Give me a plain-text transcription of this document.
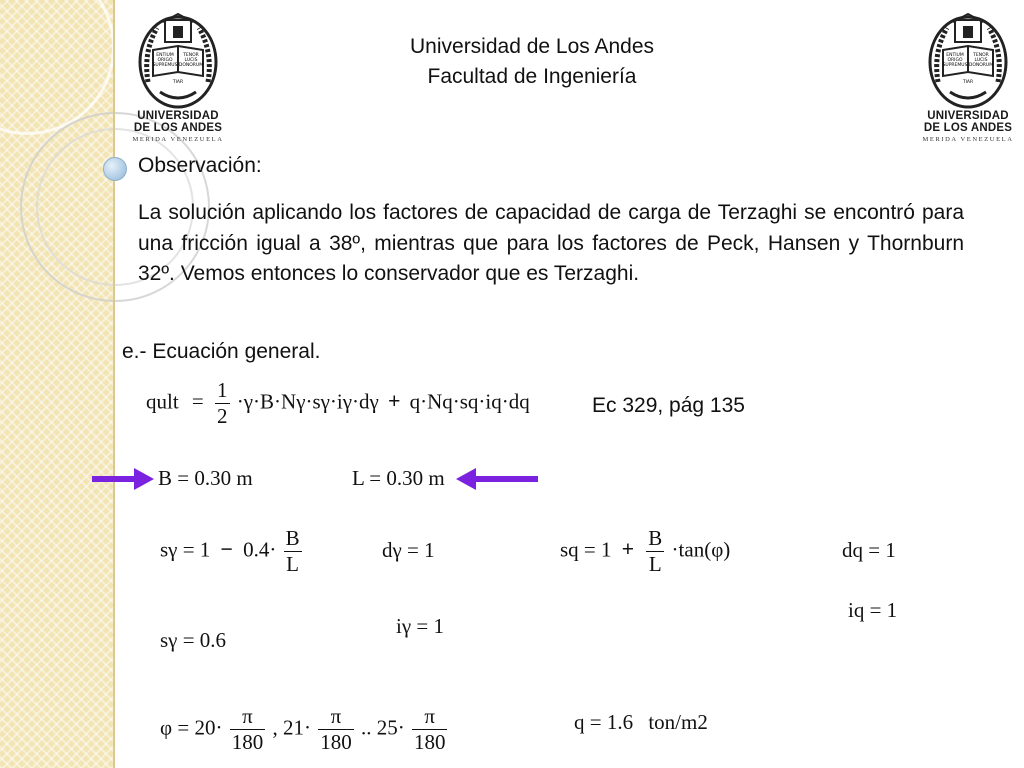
ENTIUM
ORIGO
SUPREMUS
TENOR
LUCIS
DONORUM
TIAR
UNIVERSIDAD
DE LOS ANDES
MERIDA VENEZUELA
ENTIUM
ORIGO
SUPREMUS
TENOR
LUCIS
DONORUM
TIAR
UNIVERSIDAD
DE LOS ANDES
MERIDA VENEZUELA
Universidad de Los Andes
Facultad de Ingeniería
Observación:
La solución aplicando los factores de capacidad de carga de Terzaghi se encontró para una fricción igual a 38º, mientras que para los factores de Peck, Hansen y Thornburn 32º. Vemos entonces lo conservador que es Terzaghi.
e.- Ecuación general.
qult = $\frac{1}{2} \cdot\gamma\cdot B\cdot N\gamma\cdot s\gamma\cdot i\gamma\cdot d\gamma + q\cdot Nq\cdot sq\cdot iq\cdot dq$	Ec 329, pág 135
B = 0.30 m	L = 0.30 m
$s\gamma = 1 - 0.4\cdot \frac{B}{L}$	dγ = 1	sq = $1 + \frac{B}{L} \cdot\tan(\varphi)$	dq = 1
iq = 1
iγ = 1
sγ = 0.6
$\varphi = 20\cdot \frac{\pi}{180}$ , $21\cdot \frac{\pi}{180}$ .. $25\cdot \frac{\pi}{180}$	q = 1.6 ton/m2
